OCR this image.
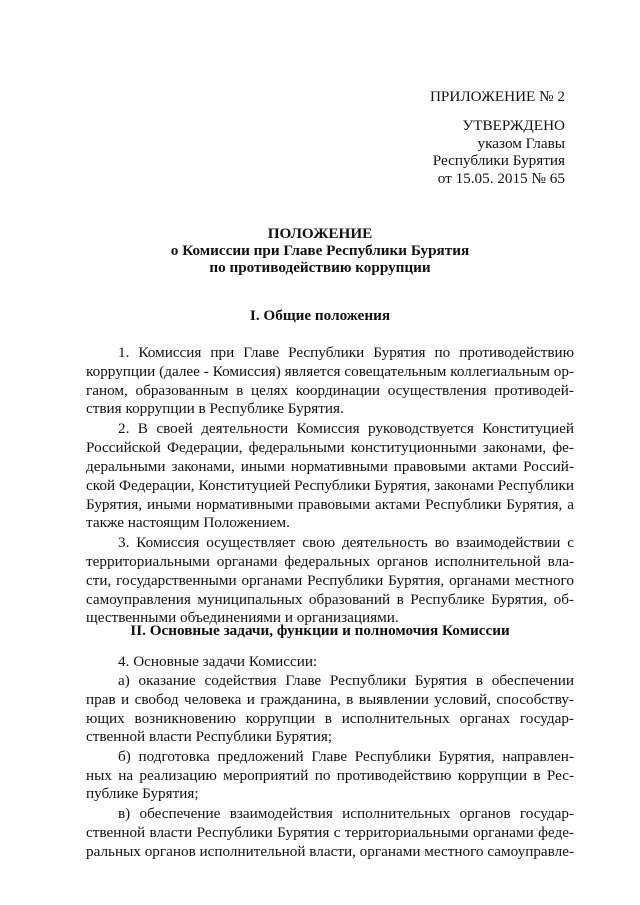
ПРИЛОЖЕНИЕ № 2
УТВЕРЖДЕНО
указом Главы
Республики Бурятия
от 15.05. 2015 № 65
ПОЛОЖЕНИЕ
о Комиссии при Главе Республики Бурятия
по противодействию коррупции
I. Общие положения
1. Комиссия при Главе Республики Бурятия по противодействию
коррупции (далее - Комиссия) является совещательным коллегиальным ор-
ганом, образованным в целях координации осуществления противодей-
ствия коррупции в Республике Бурятия.
2. В своей деятельности Комиссия руководствуется Конституцией
Российской Федерации, федеральными конституционными законами, фе-
деральными законами, иными нормативными правовыми актами Россий-
ской Федерации, Конституцией Республики Бурятия, законами Республики
Бурятия, иными нормативными правовыми актами Республики Бурятия, а
также настоящим Положением.
3. Комиссия осуществляет свою деятельность во взаимодействии с
территориальными органами федеральных органов исполнительной вла-
сти, государственными органами Республики Бурятия, органами местного
самоуправления муниципальных образований в Республике Бурятия, об-
щественными объединениями и организациями.
II. Основные задачи, функции и полномочия Комиссии
4. Основные задачи Комиссии:
а) оказание содействия Главе Республики Бурятия в обеспечении
прав и свобод человека и гражданина, в выявлении условий, способству-
ющих возникновению коррупции в исполнительных органах государ-
ственной власти Республики Бурятия;
б) подготовка предложений Главе Республики Бурятия, направлен-
ных на реализацию мероприятий по противодействию коррупции в Рес-
публике Бурятия;
в) обеспечение взаимодействия исполнительных органов государ-
ственной власти Республики Бурятия с территориальными органами феде-
ральных органов исполнительной власти, органами местного самоуправле-
